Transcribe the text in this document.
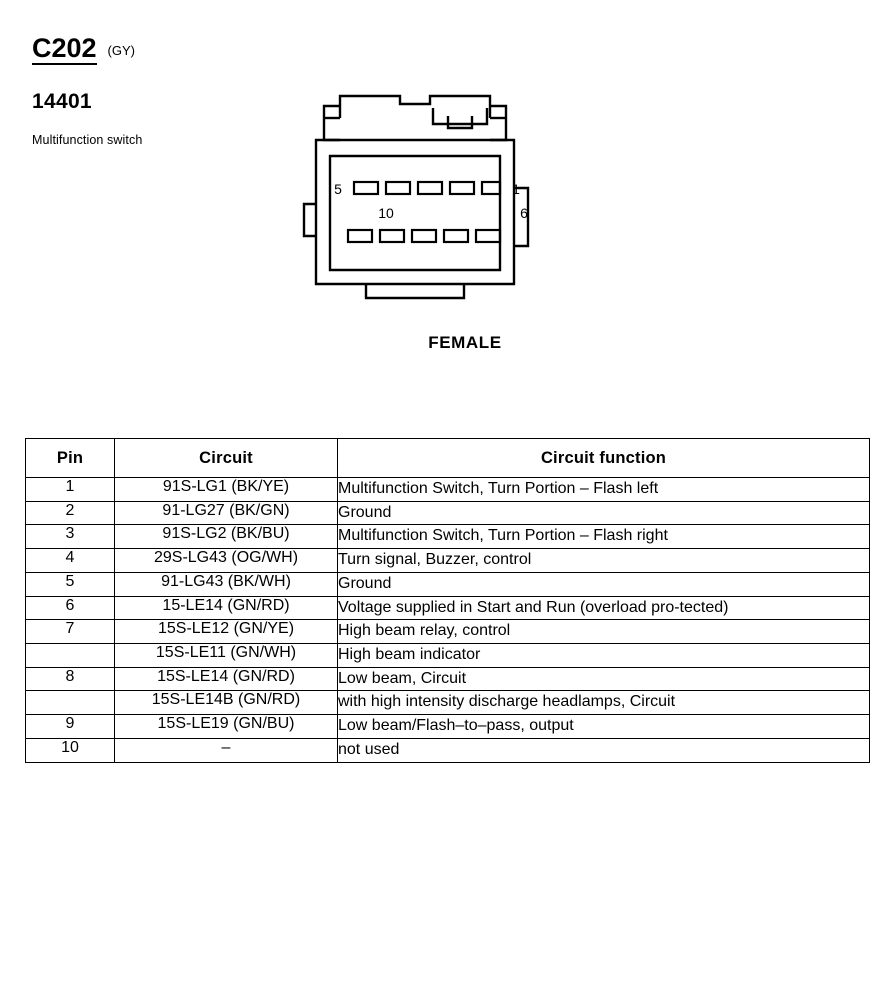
C202 (GY)
14401
Multifunction switch
5	1
10	6
FEMALE
Pin	Circuit	Circuit function
1	91S-LG1 (BK/YE)	Multifunction Switch, Turn Portion – Flash left
2	91-LG27 (BK/GN)	Ground
3	91S-LG2 (BK/BU)	Multifunction Switch, Turn Portion – Flash right
4	29S-LG43 (OG/WH)	Turn signal, Buzzer, control
5	91-LG43 (BK/WH)	Ground
6	15-LE14 (GN/RD)	Voltage supplied in Start and Run (overload pro-tected)
7	15S-LE12 (GN/YE)	High beam relay, control
	15S-LE11 (GN/WH)	High beam indicator
8	15S-LE14 (GN/RD)	Low beam, Circuit
	15S-LE14B (GN/RD)	with high intensity discharge headlamps, Circuit
9	15S-LE19 (GN/BU)	Low beam/Flash–to–pass, output
10	–	not used
